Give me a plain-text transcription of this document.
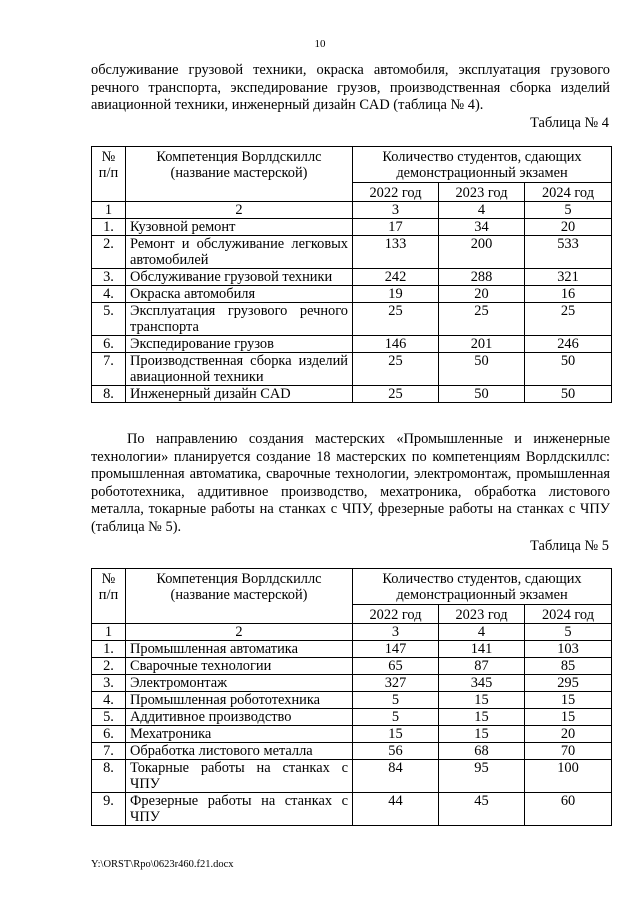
10

обслуживание грузовой техники, окраска автомобиля, эксплуатация грузового речного транспорта, экспедирование грузов, производственная сборка изделий авиационной техники, инженерный дизайн CAD (таблица № 4).

Таблица № 4
№ п/п	Компетенция Ворлдскиллс (название мастерской)	Количество студентов, сдающих демонстрационный экзамен		
		2022 год	2023 год	2024 год
1	2	3	4	5
1.	Кузовной ремонт	17	34	20
2.	Ремонт и обслуживание легковых автомобилей	133	200	533
3.	Обслуживание грузовой техники	242	288	321
4.	Окраска автомобиля	19	20	16
5.	Эксплуатация грузового речного транспорта	25	25	25
6.	Экспедирование грузов	146	201	246
7.	Производственная сборка изделий авиационной техники	25	50	50
8.	Инженерный дизайн CAD	25	50	50

По направлению создания мастерских «Промышленные и инженерные технологии» планируется создание 18 мастерских по компетенциям Ворлдскиллс: промышленная автоматика, сварочные технологии, электромонтаж, промышленная робототехника, аддитивное производство, мехатроника, обработка листового металла, токарные работы на станках с ЧПУ, фрезерные работы на станках с ЧПУ (таблица № 5).

Таблица № 5
№ п/п	Компетенция Ворлдскиллс (название мастерской)	Количество студентов, сдающих демонстрационный экзамен		
		2022 год	2023 год	2024 год
1	2	3	4	5
1.	Промышленная автоматика	147	141	103
2.	Сварочные технологии	65	87	85
3.	Электромонтаж	327	345	295
4.	Промышленная робототехника	5	15	15
5.	Аддитивное производство	5	15	15
6.	Мехатроника	15	15	20
7.	Обработка листового металла	56	68	70
8.	Токарные работы на станках с ЧПУ	84	95	100
9.	Фрезерные работы на станках с ЧПУ	44	45	60
Y:\ORST\Rpo\0623r460.f21.docx
